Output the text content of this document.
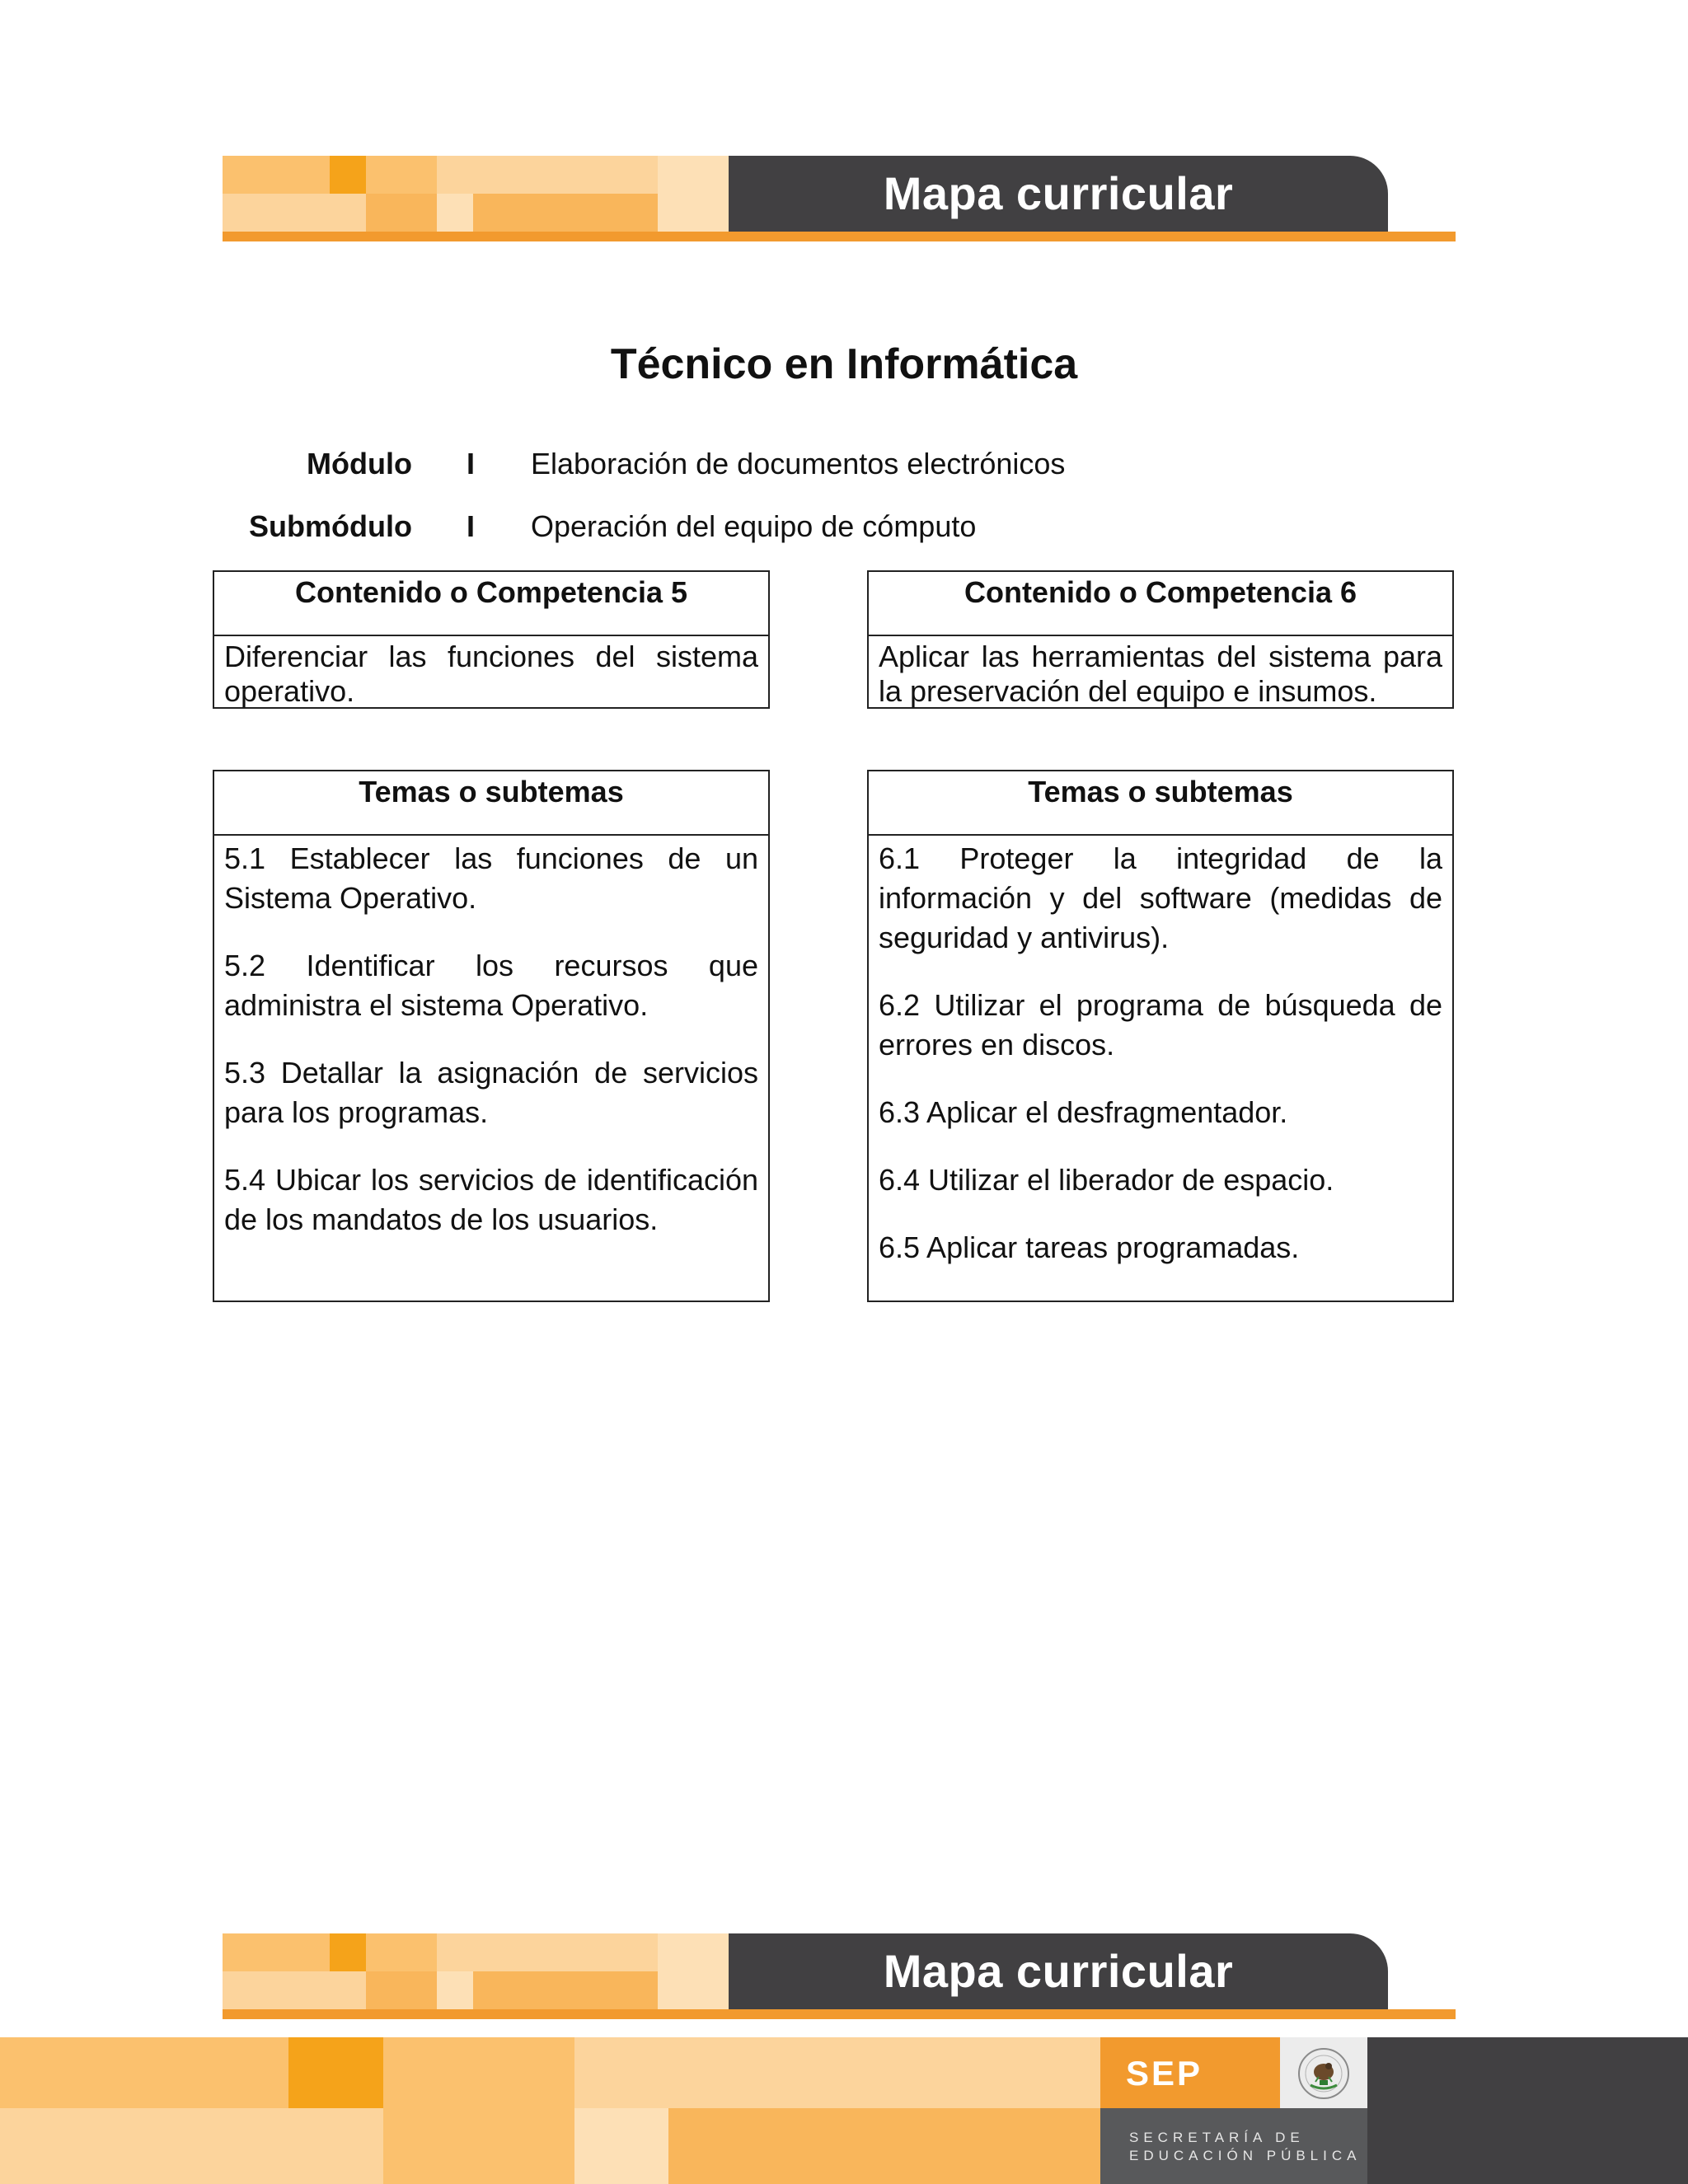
Mapa curricular
Técnico en Informática
Módulo I Elaboración de documentos electrónicos
Submódulo I Operación del equipo de cómputo
Contenido o Competencia 5
Diferenciar las funciones del sistema operativo.
Contenido o Competencia 6
Aplicar las herramientas del sistema para la preservación del equipo e insumos.
Temas o subtemas

5.1 Establecer las funciones de un Sistema Operativo.

5.2 Identificar los recursos que administra el sistema Operativo.

5.3 Detallar la asignación de servicios para los programas.

5.4 Ubicar los servicios de identificación de los mandatos de los usuarios.

Temas o subtemas

6.1 Proteger la integridad de la información y del software (medidas de seguridad y antivirus).

6.2 Utilizar el programa de búsqueda de errores en discos.

6.3 Aplicar el desfragmentador.

6.4 Utilizar el liberador de espacio.

6.5 Aplicar tareas programadas.

Mapa curricular
SEP
SECRETARÍA DE
EDUCACIÓN PÚBLICA
